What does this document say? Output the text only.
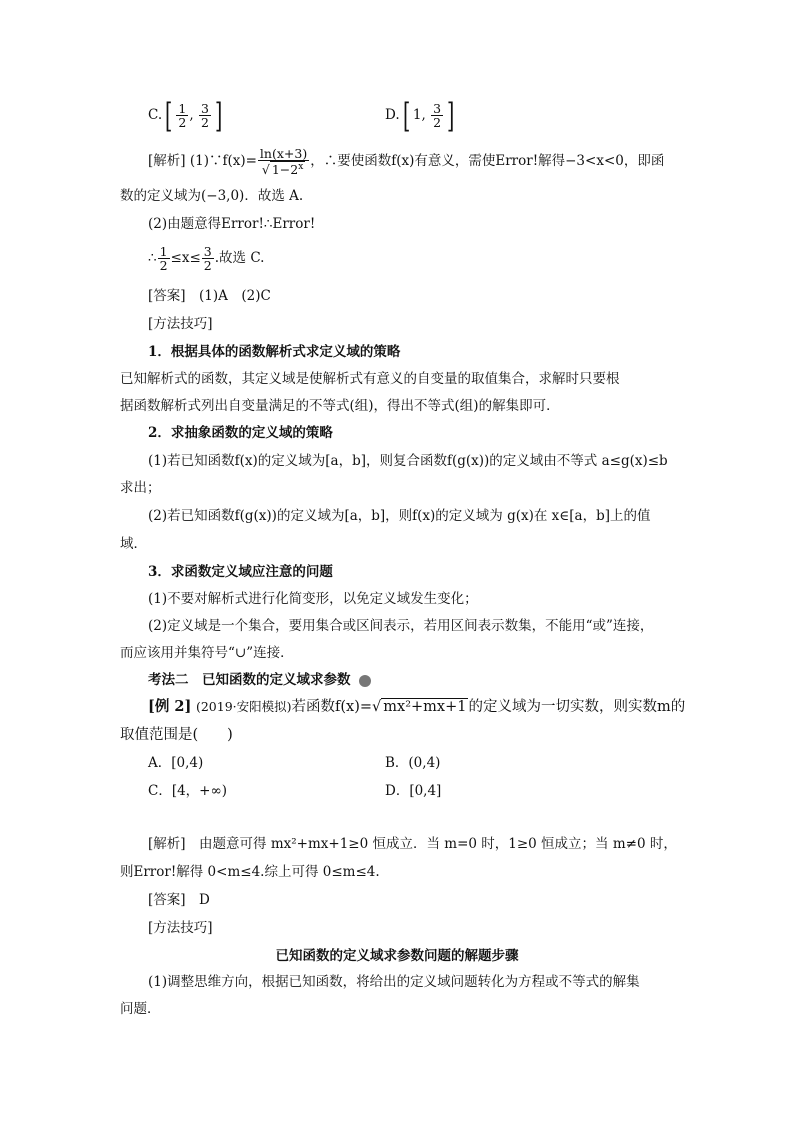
$C.[ \frac{1}{2}$ , $\frac{3}{2}$ ]	D.[ 1, $\frac{3}{2}$ ]
[解析] (1)∵f(x)= $\frac{\ln(x+3)}{√ 1-2^x}$ ，∴要使函数f(x)有意义，需使Error!解得−3<x<0，即函
数的定义域为(−3,0)．故选 A.
(2)由题意得Error!∴Error!
∴ $\frac{1}{2} \le x\le \frac{3}{2}$ .故选 C.
[答案]　(1)A　(2)C
[方法技巧]
1．根据具体的函数解析式求定义域的策略
已知解析式的函数，其定义域是使解析式有意义的自变量的取值集合，求解时只要根
据函数解析式列出自变量满足的不等式(组)，得出不等式(组)的解集即可．
2．求抽象函数的定义域的策略
(1)若已知函数f(x)的定义域为[a，b]，则复合函数f(g(x))的定义域由不等式 a≤g(x)≤b
求出；
(2)若已知函数f(g(x))的定义域为[a，b]，则f(x)的定义域为 g(x)在 x∈[a，b]上的值
域．
3．求函数定义域应注意的问题
(1)不要对解析式进行化简变形，以免定义域发生变化；
(2)定义域是一个集合，要用集合或区间表示，若用区间表示数集，不能用“或”连接，
而应该用并集符号“∪”连接．
考法二　已知函数的定义域求参数
[例 2] (2019·安阳模拟)若函数f(x)=√ mx²+mx+1 的定义域为一切实数，则实数m的
取值范围是(　　)
A．[0,4)	B．(0,4)
C．[4，+∞)	D．[0,4]
[解析]　由题意可得 mx²+mx+1≥0 恒成立．当 m=0 时，1≥0 恒成立；当 m≠0 时，
则Error!解得 0<m≤4.综上可得 0≤m≤4.
[答案]　D
[方法技巧]
已知函数的定义域求参数问题的解题步骤
(1)调整思维方向，根据已知函数，将给出的定义域问题转化为方程或不等式的解集
问题．
